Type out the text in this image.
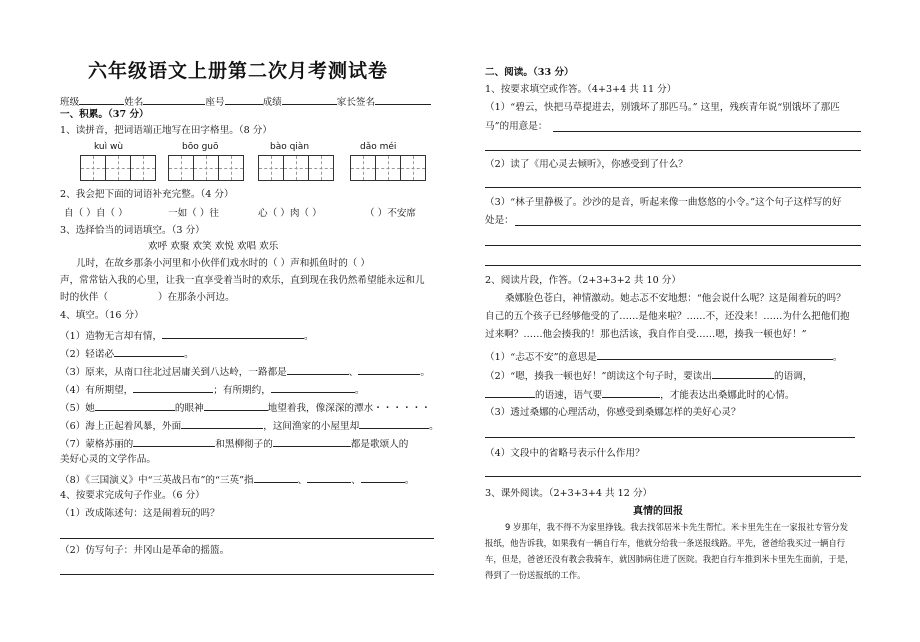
六年级语文上册第二次月考测试卷
班级	姓名	座号	成绩	家长签名
一、积累。（37 分）
1、读拼音，把词语端正地写在田字格里。（8 分）
kuì wù	bōo guō	bào qiàn	dǎo méi
2、我会把下面的词语补充完整。（4 分）
自（ ）自（ ）	一如（ ）往	心（ ）肉（ ）	（ ）不安席
3、选择恰当的词语填空。（3 分）
欢呼 欢聚 欢笑 欢悦 欢唱 欢乐
儿时，在故乡那条小河里和小伙伴们戏水时的（ ）声和抓鱼时的（ ）
声，常常钻入我的心里，让我一直享受着当时的欢乐，直到现在我仍然希望能永远和儿
时的伙伴（	）在那条小河边。
4、填空。（16 分）
（1）造物无言却有情，	。
（2）轻诺必	。
（3）原来，从南口往北过居庸关到八达岭，一路都是	、	。
（4）有所期望，	；有所期约，	。
（5）她	的眼神	地望着我，像深深的潭水・・・・・・
（6）海上正起着风暴，外面	，这间渔家的小屋里却	。
（7）蒙格苏丽的	和黑柳彻子的	都是歌颂人的
美好心灵的文学作品。
（8）《三国演义》中“三英战吕布”的“三英”指	、	、	。
4、按要求完成句子作业。（6 分）
（1）改成陈述句：这是闹着玩的吗？
（2）仿写句子：井冈山是革命的摇篮。
二、阅读。（33 分）
1、按要求填空或作答。（4+3+4 共 11 分）
（1）“碧云，快把马草提进去，别饿坏了那匹马。” 这里，残疾青年说“别饿坏了那匹
马”的用意是：
（2）读了《用心灵去倾听》，你感受到了什么？
（3）“林子里静极了。沙沙的是音，听起来像一曲悠悠的小令。”这个句子这样写的好
处是：
2、阅读片段，作答。（2+3+3+2 共 10 分）
桑娜脸色苍白，神情激动。她忐忑不安地想：“他会说什么呢？这是闹着玩的吗？
自己的五个孩子已经够他受的了……是他来啦？……不，还没来！……为什么把他们抱
过来啊？……他会揍我的！那也活该，我自作自受……嗯，揍我一顿也好！”
（1）“忐忑不安”的意思是	。
（2）“嗯，揍我一顿也好！”朗读这个句子时，要读出	的语调，
的语速，语气要	，才能表达出桑娜此时的心情。
（3）透过桑娜的心理活动，你感受到桑娜怎样的美好心灵？
（4）文段中的省略号表示什么作用？
3、课外阅读。（2+3+3+4 共 12 分）
真情的回报
9 岁那年，我不得不为家里挣钱。我去找邻居米卡先生帮忙。米卡里先生在一家报社专管分发
报纸，他告诉我，如果我有一辆自行车，他就分给我一条送报线路。平先，爸爸给我买过一辆自行
车，但是，爸爸还没有教会我骑车，就因肺病住进了医院。我把自行车推到米卡里先生面前，于是，
得到了一份送报纸的工作。
